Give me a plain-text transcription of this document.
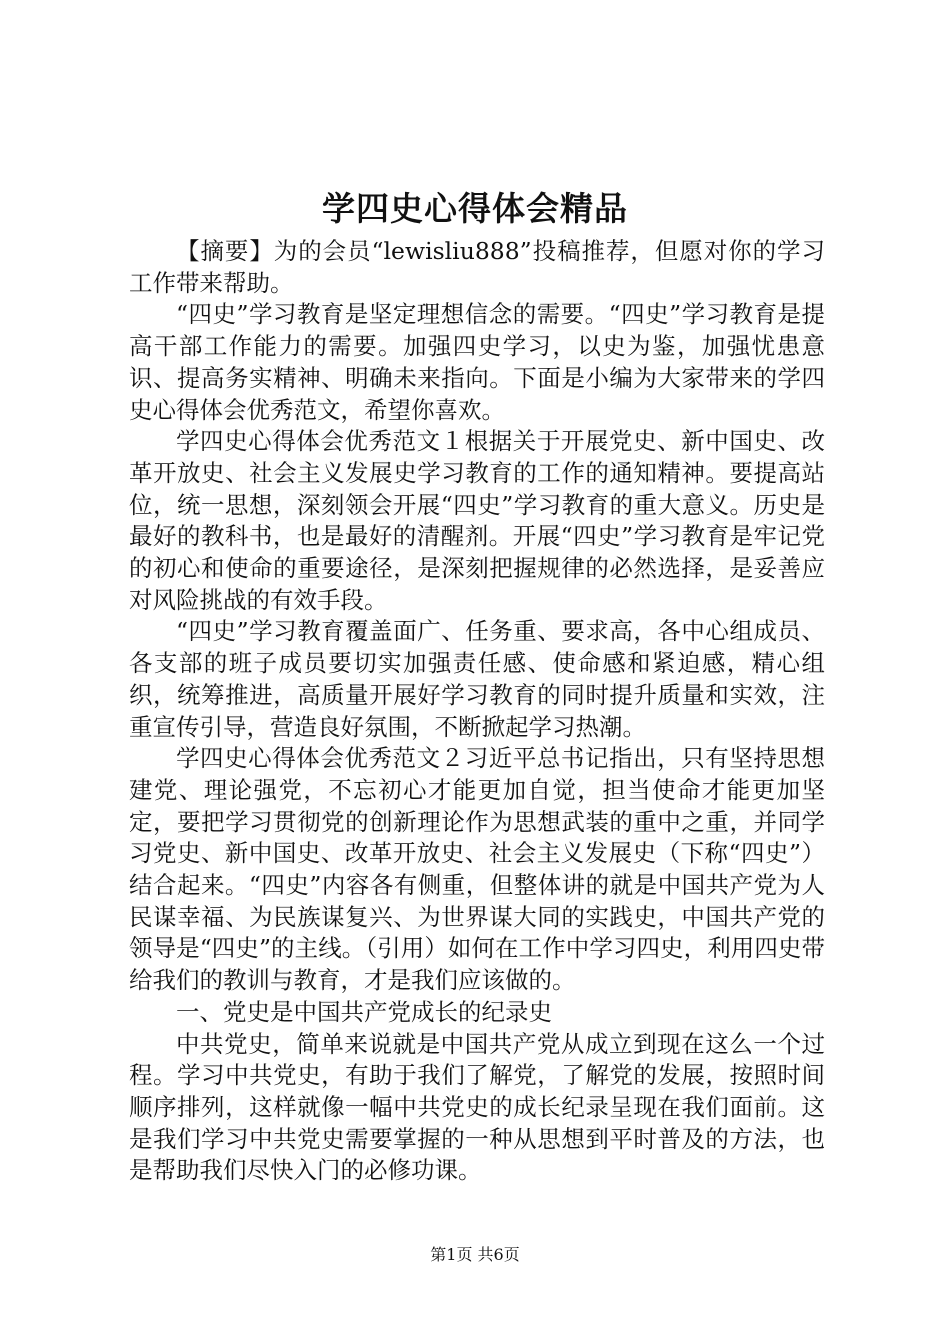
学四史心得体会精品

【摘要】为的会员“lewisliu888”投稿推荐，但愿对你的学习工作带来帮助。

“四史”学习教育是坚定理想信念的需要。“四史”学习教育是提高干部工作能力的需要。加强四史学习，以史为鉴，加强忧患意识、提高务实精神、明确未来指向。下面是小编为大家带来的学四史心得体会优秀范文，希望你喜欢。

学四史心得体会优秀范文１根据关于开展党史、新中国史、改革开放史、社会主义发展史学习教育的工作的通知精神。要提高站位，统一思想，深刻领会开展“四史”学习教育的重大意义。历史是最好的教科书，也是最好的清醒剂。开展“四史”学习教育是牢记党的初心和使命的重要途径，是深刻把握规律的必然选择，是妥善应对风险挑战的有效手段。

“四史”学习教育覆盖面广、任务重、要求高，各中心组成员、各支部的班子成员要切实加强责任感、使命感和紧迫感，精心组织，统筹推进，高质量开展好学习教育的同时提升质量和实效，注重宣传引导，营造良好氛围，不断掀起学习热潮。

学四史心得体会优秀范文２习近平总书记指出，只有坚持思想建党、理论强党，不忘初心才能更加自觉，担当使命才能更加坚定，要把学习贯彻党的创新理论作为思想武装的重中之重，并同学习党史、新中国史、改革开放史、社会主义发展史（下称“四史”）结合起来。“四史”内容各有侧重，但整体讲的就是中国共产党为人民谋幸福、为民族谋复兴、为世界谋大同的实践史，中国共产党的领导是“四史”的主线。（引用）如何在工作中学习四史，利用四史带给我们的教训与教育，才是我们应该做的。

一、党史是中国共产党成长的纪录史

中共党史，简单来说就是中国共产党从成立到现在这么一个过程。学习中共党史，有助于我们了解党，了解党的发展，按照时间顺序排列，这样就像一幅中共党史的成长纪录呈现在我们面前。这是我们学习中共党史需要掌握的一种从思想到平时普及的方法，也是帮助我们尽快入门的必修功课。

第1页 共6页
